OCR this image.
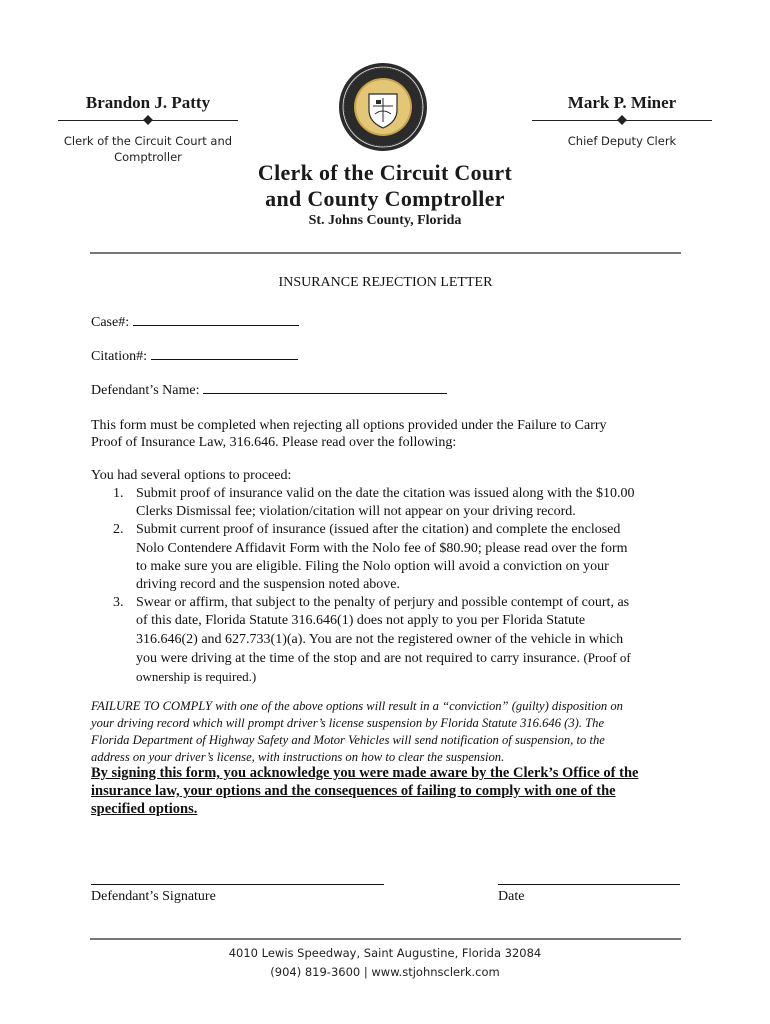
Brandon J. Patty
Clerk of the Circuit Court and
Comptroller
Mark P. Miner
Chief Deputy Clerk
Clerk of the Circuit Court
and County Comptroller
St. Johns County, Florida
INSURANCE REJECTION LETTER
Case#:
Citation#:
Defendant’s Name:
This form must be completed when rejecting all options provided under the Failure to Carry
Proof of Insurance Law, 316.646. Please read over the following:
You had several options to proceed:
1. Submit proof of insurance valid on the date the citation was issued along with the $10.00
Clerks Dismissal fee; violation/citation will not appear on your driving record.
2. Submit current proof of insurance (issued after the citation) and complete the enclosed
Nolo Contendere Affidavit Form with the Nolo fee of $80.90; please read over the form
to make sure you are eligible. Filing the Nolo option will avoid a conviction on your
driving record and the suspension noted above.
3. Swear or affirm, that subject to the penalty of perjury and possible contempt of court, as
of this date, Florida Statute 316.646(1) does not apply to you per Florida Statute
316.646(2) and 627.733(1)(a). You are not the registered owner of the vehicle in which
you were driving at the time of the stop and are not required to carry insurance. (Proof of
ownership is required.)
FAILURE TO COMPLY with one of the above options will result in a “conviction” (guilty) disposition on
your driving record which will prompt driver’s license suspension by Florida Statute 316.646 (3). The
Florida Department of Highway Safety and Motor Vehicles will send notification of suspension, to the
address on your driver’s license, with instructions on how to clear the suspension.
By signing this form, you acknowledge you were made aware by the Clerk’s Office of the
insurance law, your options and the consequences of failing to comply with one of the
specified options.
Defendant’s Signature	Date
4010 Lewis Speedway, Saint Augustine, Florida 32084
(904) 819-3600 | www.stjohnsclerk.com
